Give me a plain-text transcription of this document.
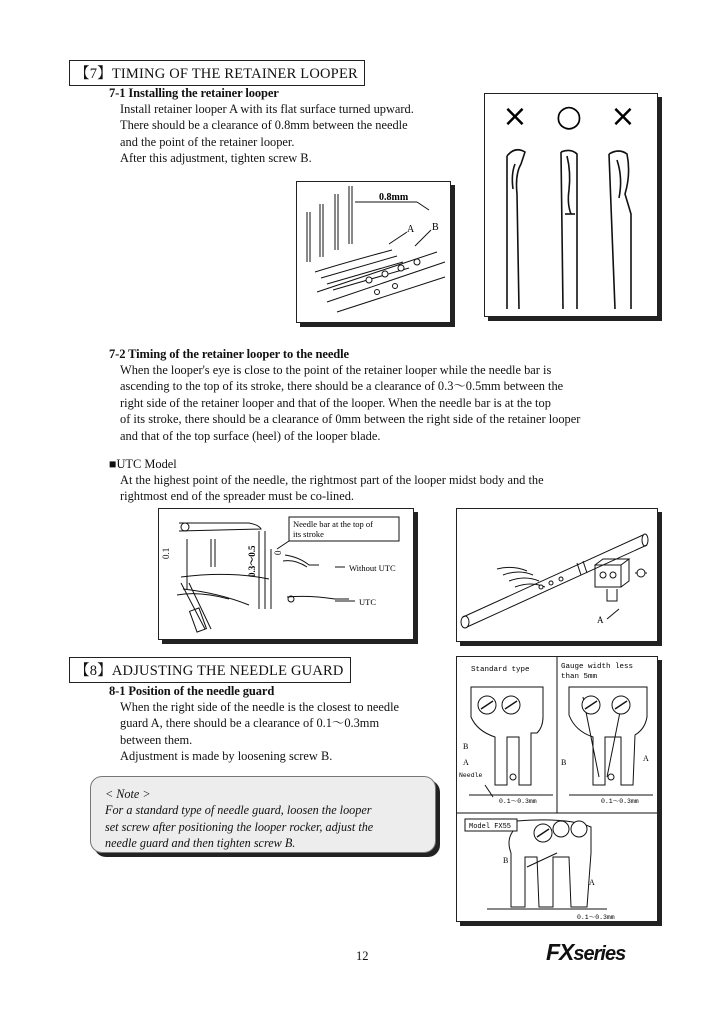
【7】TIMING OF THE RETAINER LOOPER
7-1 Installing the retainer looper

Install retainer looper A with its flat surface turned upward.

There should be a clearance of 0.8mm between the needle

and the point of the retainer looper.

After this adjustment, tighten screw B.

× ○ ×
0.8mm
A B
7-2 Timing of the retainer looper to the needle

When the looper's eye is close to the point of the retainer looper while the needle bar is

ascending to the top of its stroke, there should be a clearance of 0.3～0.5mm between the

right side of the retainer looper and that of the looper. When the needle bar is at the top

of its stroke, there should be a clearance of 0mm between the right side of the retainer looper

and that of the top surface (heel) of the looper blade.

■UTC Model

At the highest point of the needle, the rightmost part of the looper midst body and the

rightmost end of the spreader must be co-lined.

0.1	0.3～0.5 0
Needle bar at the top of
its stroke
Without UTC
UTC
A
【8】ADJUSTING THE NEEDLE GUARD
8-1 Position of the needle guard

When the right side of the needle is the closest to needle

guard A, there should be a clearance of 0.1～0.3mm

between them.

Adjustment is made by loosening screw B.

< Note >

For a standard type of needle guard, loosen the looper

set screw after positioning the looper rocker, adjust the

needle guard and then tighten screw B.

Standard type	Gauge width less
than 5mm
B
A
Needle
0.1～0.3mm
B	A
0.1～0.3mm
Model FX55
B
A
0.1～0.3mm
12	FXseries
